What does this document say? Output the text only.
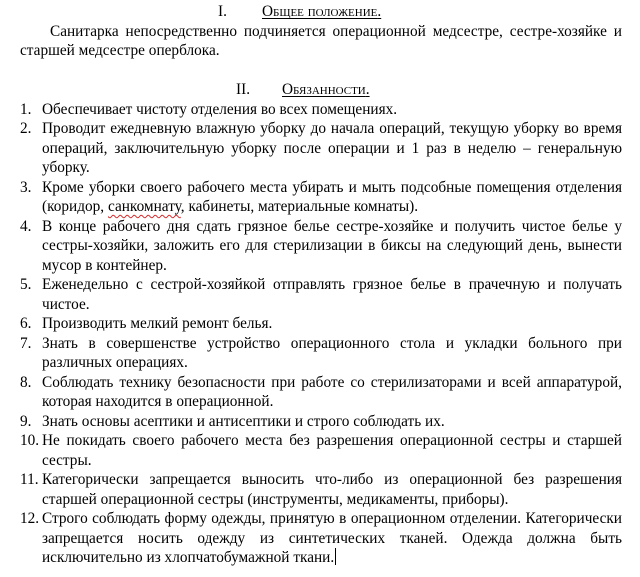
I. Общее положение.

Санитарка непосредственно подчиняется операционной медсестре, сестре-хозяйке и старшей медсестре оперблока.

II. Обязанности.
1. Обеспечивает чистоту отделения во всех помещениях.
2. Проводит ежедневную влажную уборку до начала операций, текущую уборку во время операций, заключительную уборку после операции и 1 раз в неделю – генеральную уборку.
3. Кроме уборки своего рабочего места убирать и мыть подсобные помещения отделения (коридор, санкомнату, кабинеты, материальные комнаты).
4. В конце рабочего дня сдать грязное белье сестре-хозяйке и получить чистое белье у сестры-хозяйки, заложить его для стерилизации в биксы на следующий день, вынести мусор в контейнер.
5. Еженедельно с сестрой-хозяйкой отправлять грязное белье в прачечную и получать чистое.
6. Производить мелкий ремонт белья.
7. Знать в совершенстве устройство операционного стола и укладки больного при различных операциях.
8. Соблюдать технику безопасности при работе со стерилизаторами и всей аппаратурой, которая находится в операционной.
9. Знать основы асептики и антисептики и строго соблюдать их.
10. Не покидать своего рабочего места без разрешения операционной сестры и старшей сестры.
11. Категорически запрещается выносить что-либо из операционной без разрешения старшей операционной сестры (инструменты, медикаменты, приборы).
12. Строго соблюдать форму одежды, принятую в операционном отделении. Категорически запрещается носить одежду из синтетических тканей. Одежда должна быть исключительно из хлопчатобумажной ткани.
